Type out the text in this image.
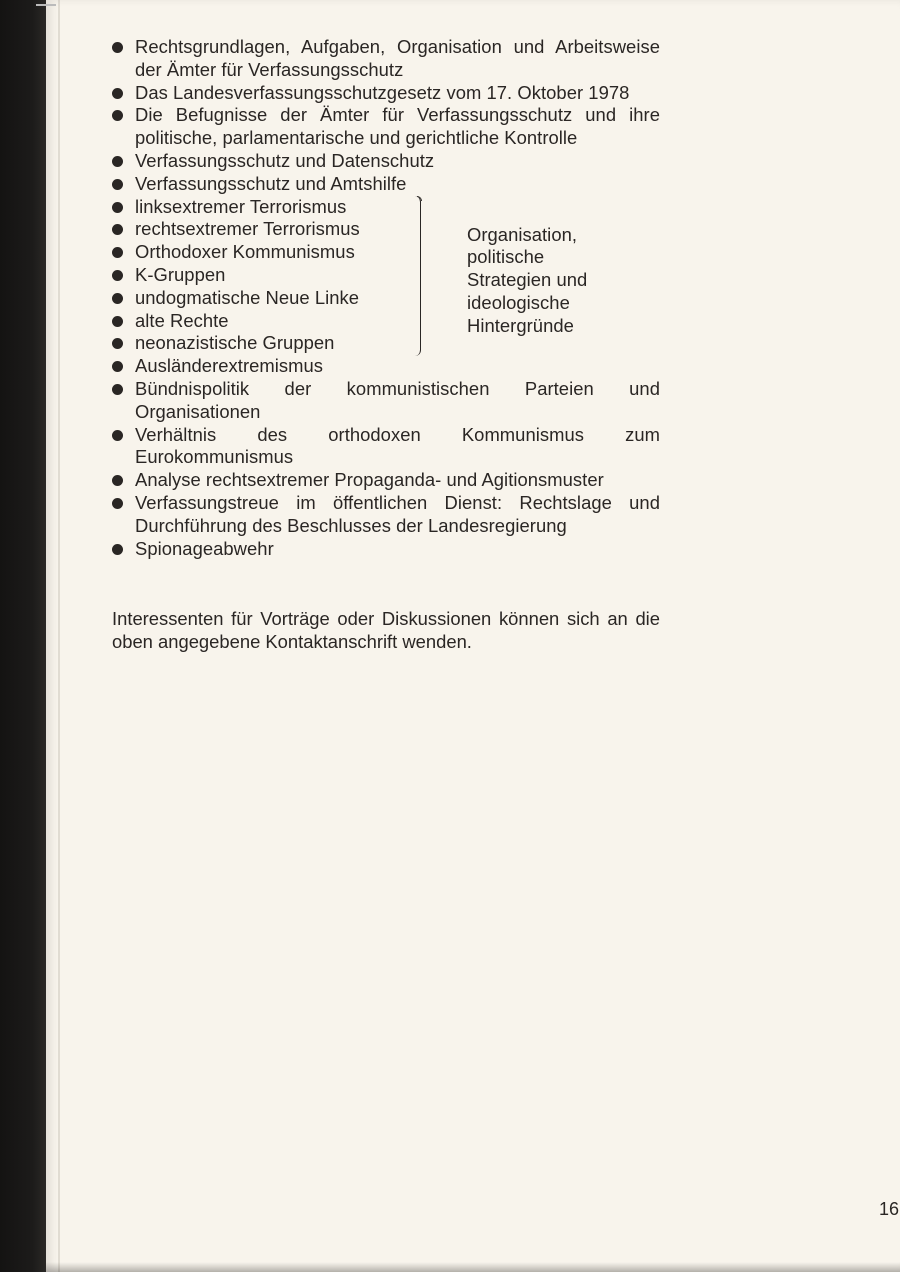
Rechtsgrundlagen, Aufgaben, Organisation und Arbeitsweise der Ämter für Verfassungsschutz
Das Landesverfassungsschutzgesetz vom 17. Oktober 1978
Die Befugnisse der Ämter für Verfassungsschutz und ihre politische, parlamentarische und gerichtliche Kontrolle
Verfassungsschutz und Datenschutz
Verfassungsschutz und Amtshilfe
linksextremer Terrorismus
rechtsextremer Terrorismus
Orthodoxer Kommunismus
K-Gruppen
undogmatische Neue Linke
alte Rechte
neonazistische Gruppen
Ausländerextremismus
Organisation,
politische
Strategien und
ideologische
Hintergründe
Bündnispolitik der kommunistischen Parteien und Organisationen
Verhältnis des orthodoxen Kommunismus zum Eurokommunismus
Analyse rechtsextremer Propaganda- und Agitionsmuster
Verfassungstreue im öffentlichen Dienst: Rechtslage und Durchführung des Beschlusses der Landesregierung
Spionageabwehr

Interessenten für Vorträge oder Diskussionen können sich an die oben angegebene Kontaktanschrift wenden.

16
